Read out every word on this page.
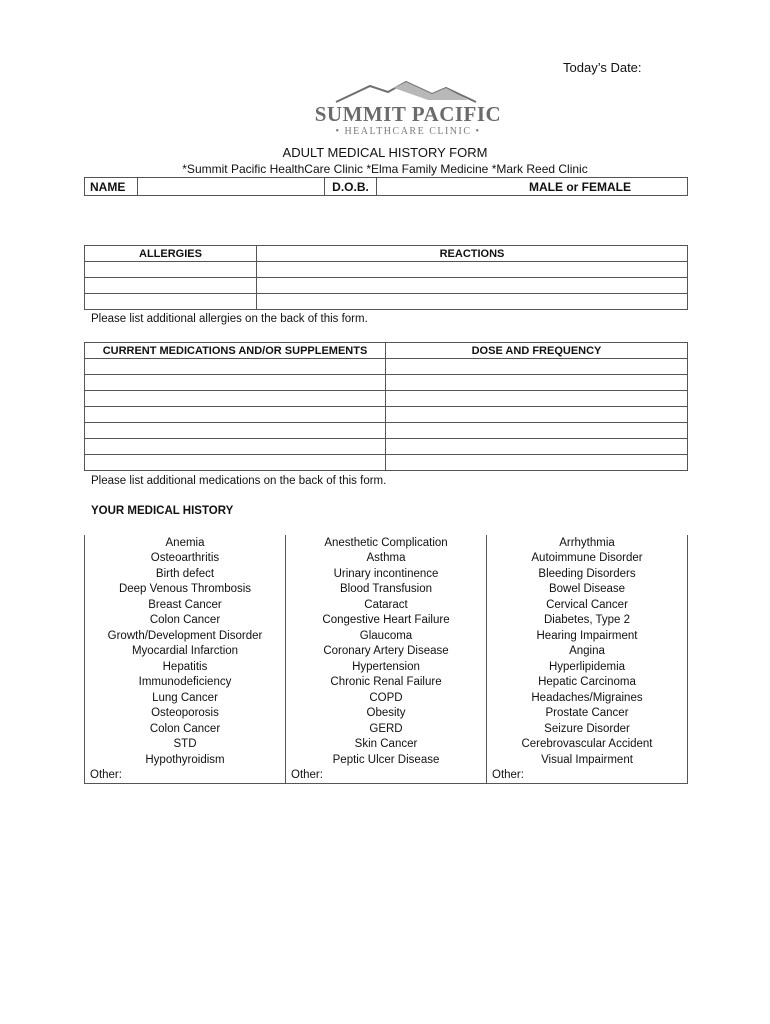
Today’s Date:
SUMMIT PACIFIC
• HEALTHCARE CLINIC •
ADULT MEDICAL HISTORY FORM
*Summit Pacific HealthCare Clinic *Elma Family Medicine *Mark Reed Clinic
NAME		D.O.B.	MALE or FEMALE
ALLERGIES	REACTIONS

Please list additional allergies on the back of this form.
CURRENT MEDICATIONS AND/OR SUPPLEMENTS	DOSE AND FREQUENCY

Please list additional medications on the back of this form.
YOUR MEDICAL HISTORY
Anemia	Anesthetic Complication	Arrhythmia
Osteoarthritis	Asthma	Autoimmune Disorder
Birth defect	Urinary incontinence	Bleeding Disorders
Deep Venous Thrombosis	Blood Transfusion	Bowel Disease
Breast Cancer	Cataract	Cervical Cancer
Colon Cancer	Congestive Heart Failure	Diabetes, Type 2
Growth/Development Disorder	Glaucoma	Hearing Impairment
Myocardial Infarction	Coronary Artery Disease	Angina
Hepatitis	Hypertension	Hyperlipidemia
Immunodeficiency	Chronic Renal Failure	Hepatic Carcinoma
Lung Cancer	COPD	Headaches/Migraines
Osteoporosis	Obesity	Prostate Cancer
Colon Cancer	GERD	Seizure Disorder
STD	Skin Cancer	Cerebrovascular Accident
Hypothyroidism	Peptic Ulcer Disease	Visual Impairment
Other:	Other:	Other:
